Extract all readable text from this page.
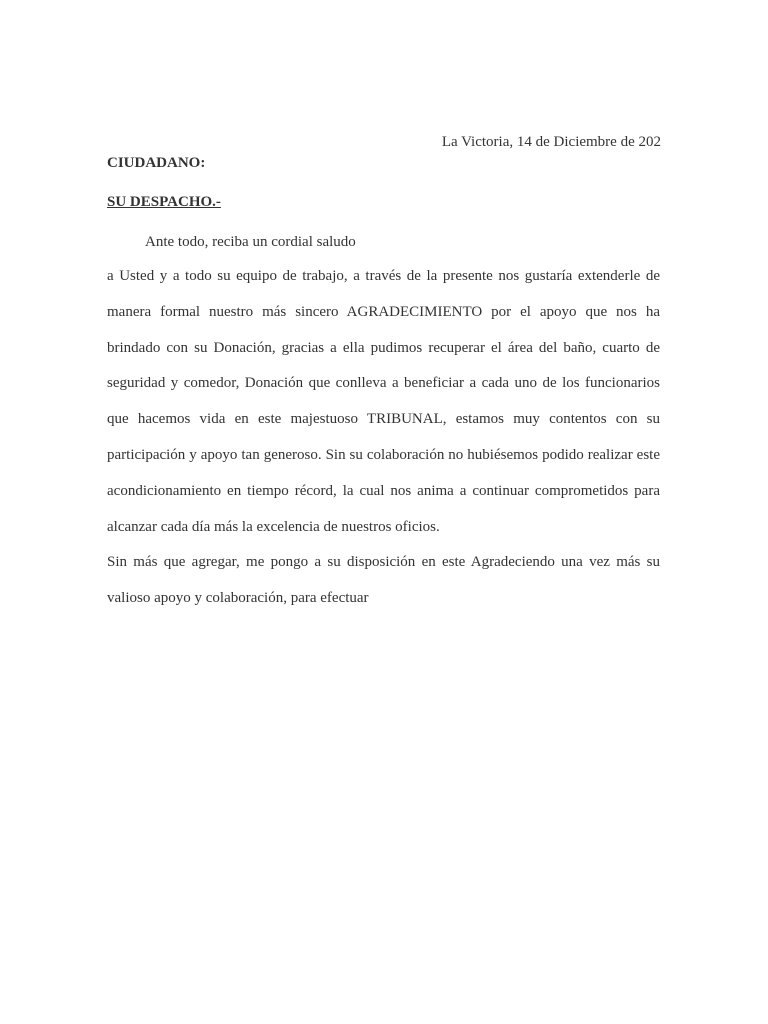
La Victoria, 14 de Diciembre de 202
CIUDADANO:
SU DESPACHO.-
Ante todo, reciba un cordial saludo

a Usted y a todo su equipo de trabajo, a través de la presente nos gustaría extenderle de
manera formal nuestro más sincero AGRADECIMIENTO por el apoyo que nos ha
brindado con su Donación, gracias a ella pudimos recuperar el área del baño, cuarto de
seguridad y comedor, Donación que conlleva a beneficiar a cada uno de los funcionarios
que hacemos vida en este majestuoso TRIBUNAL, estamos muy contentos con su
participación y apoyo tan generoso. Sin su colaboración no hubiésemos podido realizar este
acondicionamiento en tiempo récord, la cual nos anima a continuar comprometidos para
alcanzar cada día más la excelencia de nuestros oficios.

Sin más que agregar, me pongo a su disposición en este Agradeciendo una vez más su
valioso apoyo y colaboración, para efectuar
